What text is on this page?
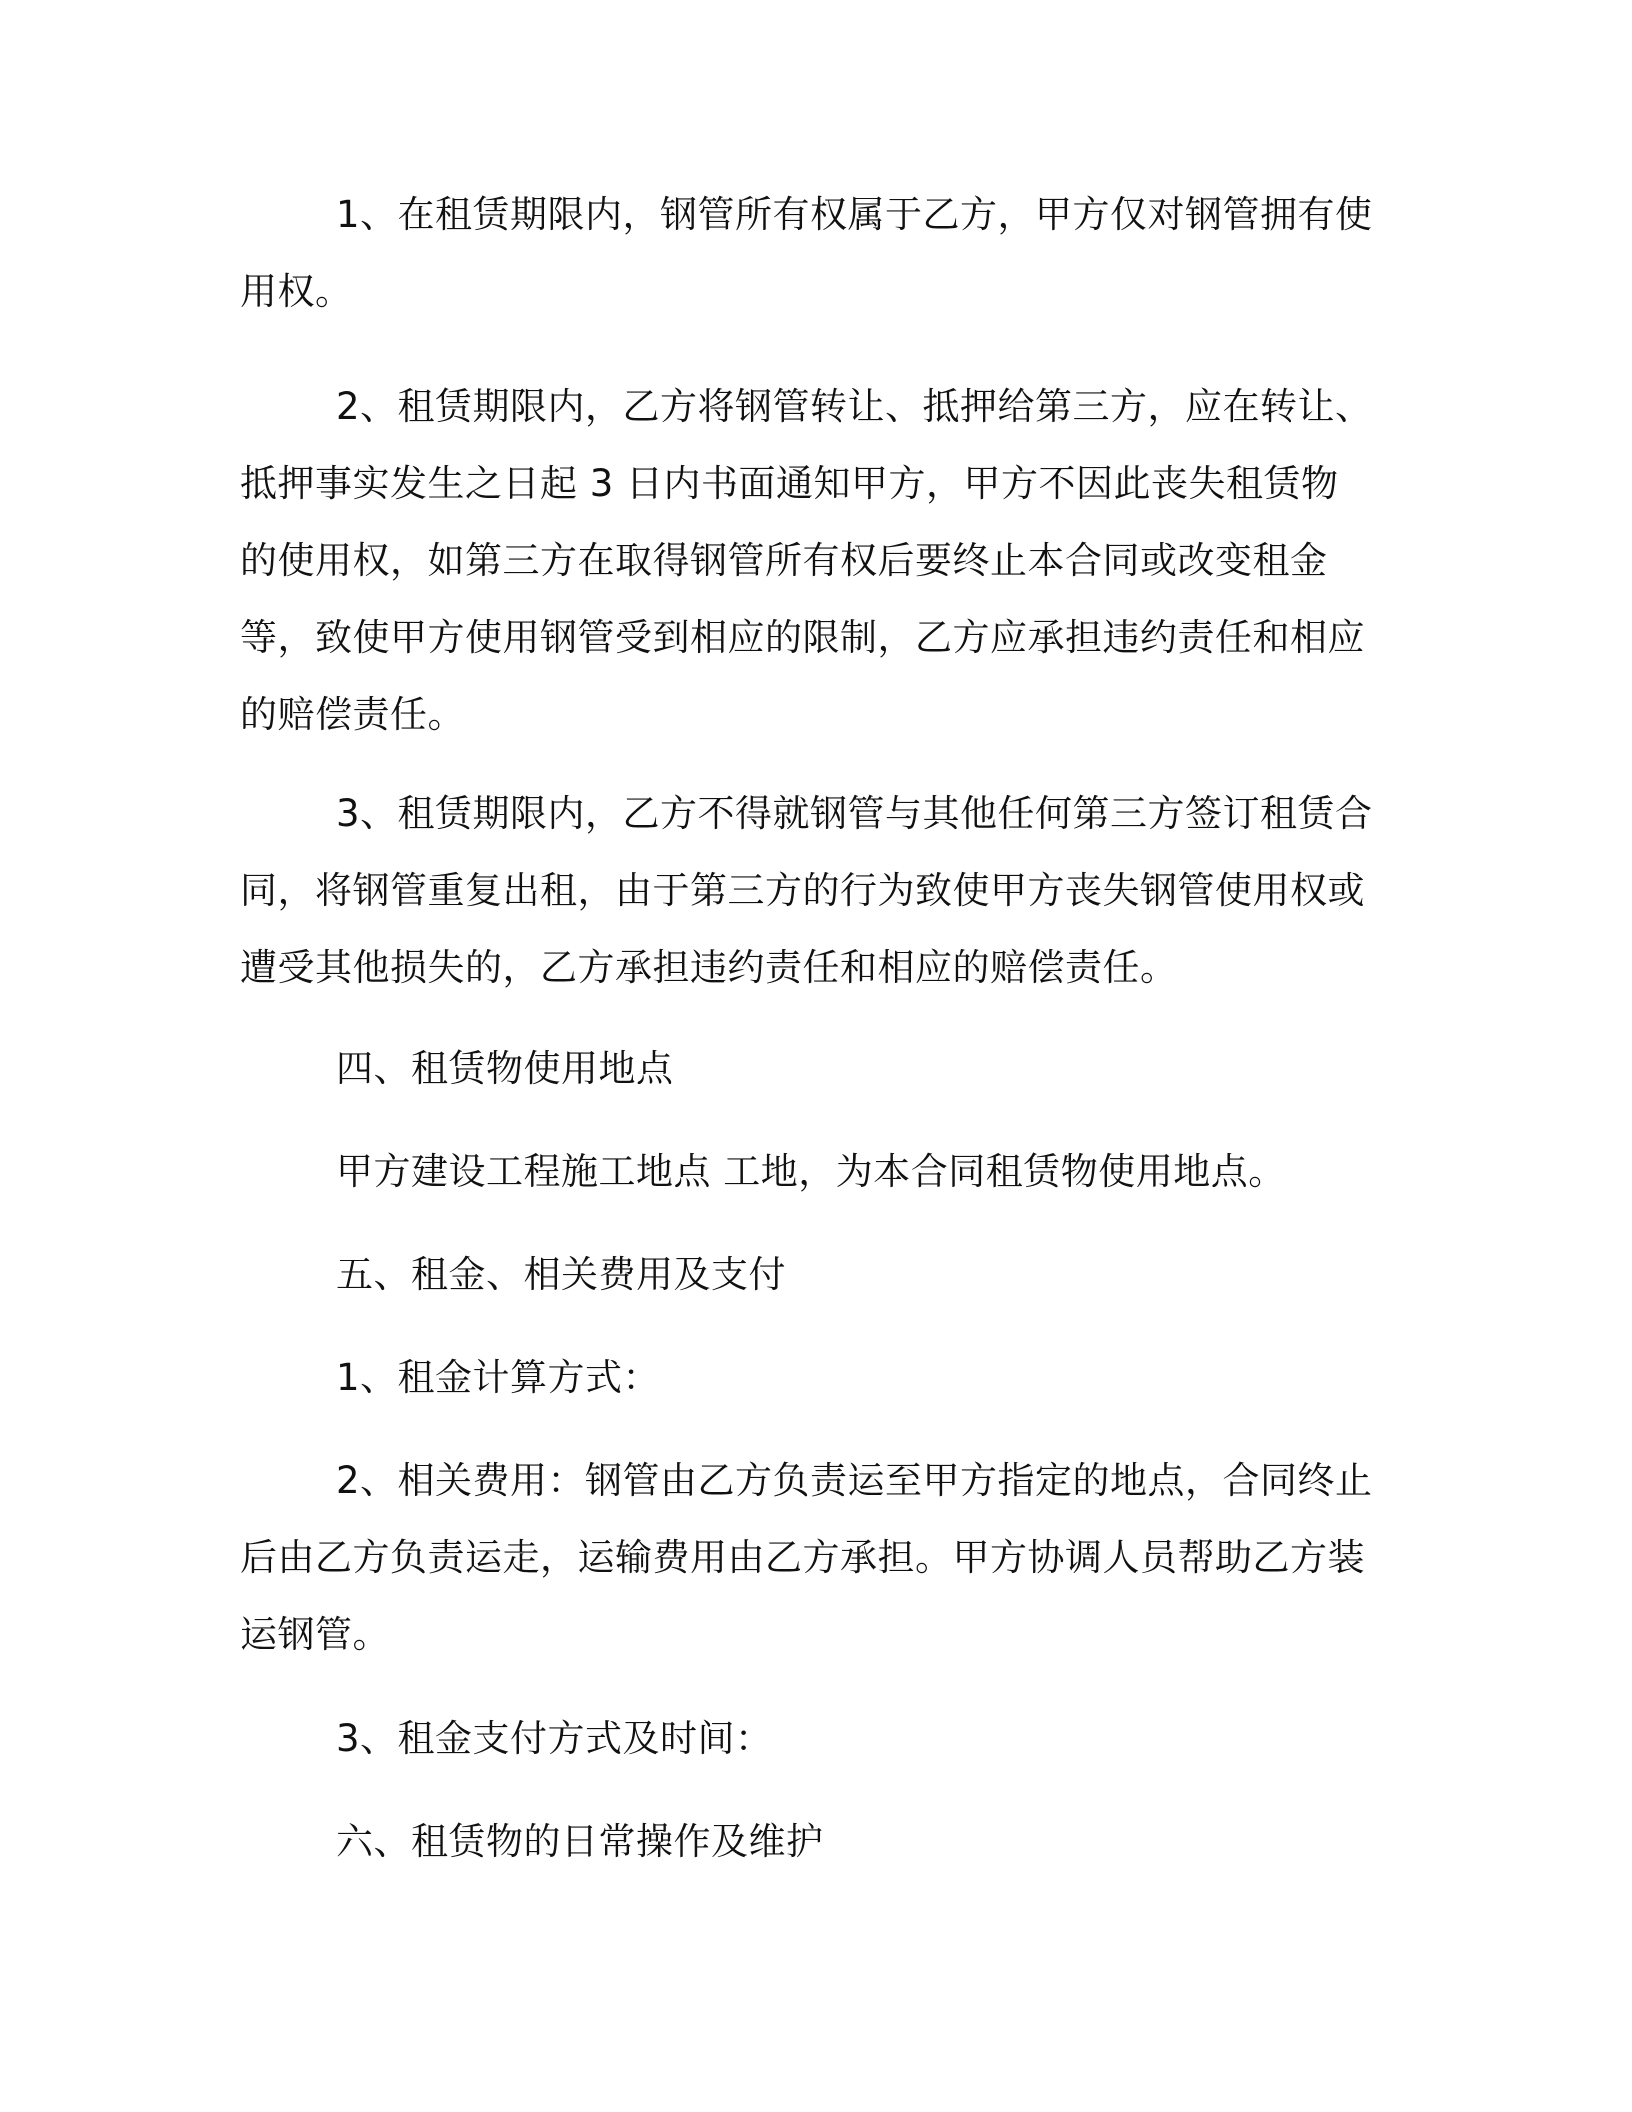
1、在租赁期限内，钢管所有权属于乙方，甲方仅对钢管拥有使用权。

2、租赁期限内，乙方将钢管转让、抵押给第三方，应在转让、抵押事实发生之日起 3 日内书面通知甲方，甲方不因此丧失租赁物的使用权，如第三方在取得钢管所有权后要终止本合同或改变租金等，致使甲方使用钢管受到相应的限制，乙方应承担违约责任和相应的赔偿责任。

3、租赁期限内，乙方不得就钢管与其他任何第三方签订租赁合同，将钢管重复出租，由于第三方的行为致使甲方丧失钢管使用权或遭受其他损失的，乙方承担违约责任和相应的赔偿责任。

四、租赁物使用地点

甲方建设工程施工地点 工地，为本合同租赁物使用地点。

五、租金、相关费用及支付

1、租金计算方式：

2、相关费用：钢管由乙方负责运至甲方指定的地点，合同终止后由乙方负责运走，运输费用由乙方承担。甲方协调人员帮助乙方装运钢管。

3、租金支付方式及时间：

六、租赁物的日常操作及维护
